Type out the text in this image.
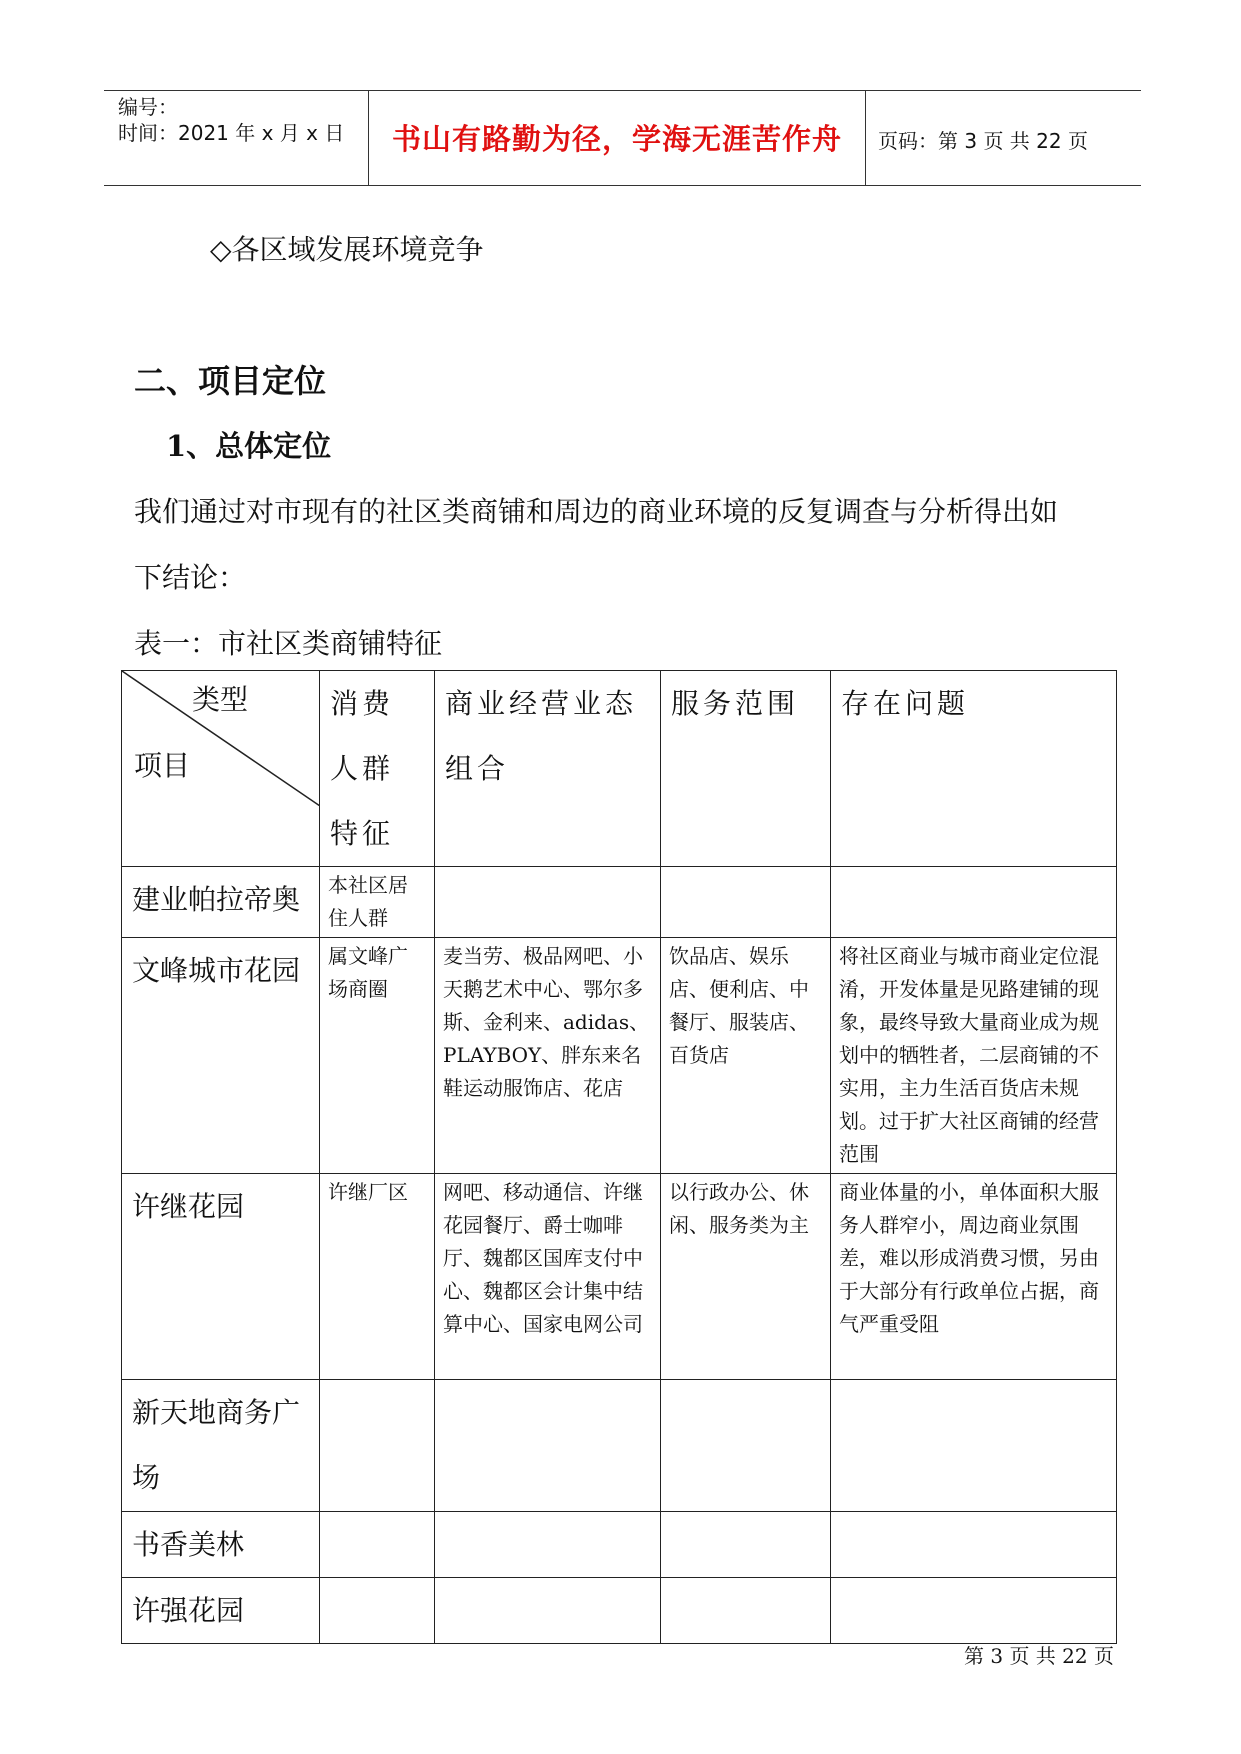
编号：
时间：2021 年 x 月 x 日	书山有路勤为径，学海无涯苦作舟	页码：第 3 页 共 22 页
◇各区域发展环境竞争
二、项目定位
1、总体定位
我们通过对市现有的社区类商铺和周边的商业环境的反复调查与分析得出如
下结论：
表一：市社区类商铺特征
类型
项目	消费人群特征	商业经营业态组合	服务范围	存在问题
建业帕拉帝奥	本社区居住人群			
文峰城市花园	属文峰广场商圈	麦当劳、极品网吧、小天鹅艺术中心、鄂尔多斯、金利来、adidas、PLAYBOY、胖东来名鞋运动服饰店、花店	饮品店、娱乐店、便利店、中餐厅、服装店、百货店	将社区商业与城市商业定位混淆，开发体量是见路建铺的现象，最终导致大量商业成为规划中的牺牲者，二层商铺的不实用，主力生活百货店未规划。过于扩大社区商铺的经营范围
许继花园	许继厂区	网吧、移动通信、许继花园餐厅、爵士咖啡厅、魏都区国库支付中心、魏都区会计集中结算中心、国家电网公司	以行政办公、休闲、服务类为主	商业体量的小，单体面积大服务人群窄小，周边商业氛围差，难以形成消费习惯，另由于大部分有行政单位占据，商气严重受阻
新天地商务广场				
书香美林				
许强花园				
第 3 页 共 22 页
